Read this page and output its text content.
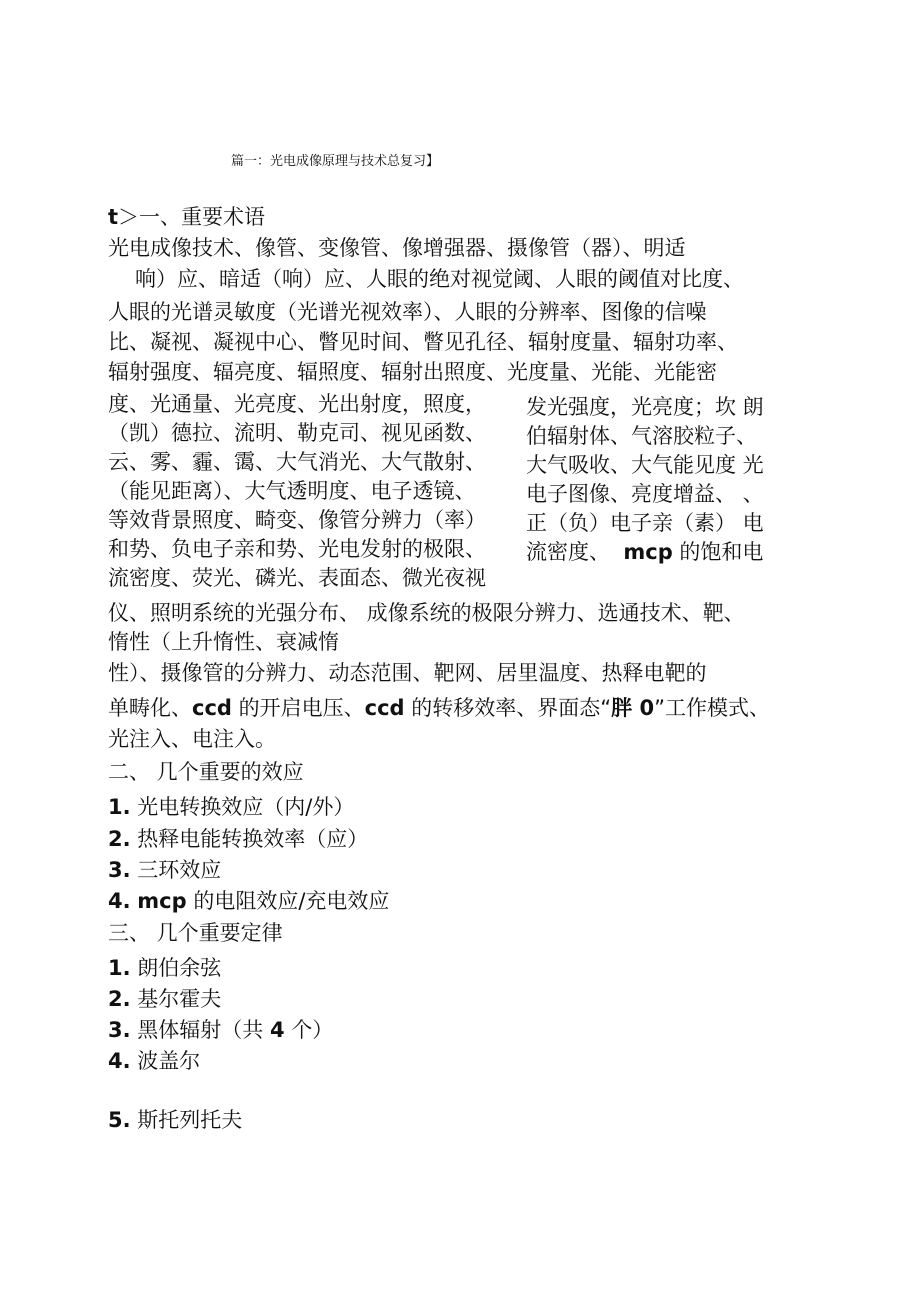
篇一：光电成像原理与技术总复习】
t＞一、重要术语
光电成像技术、像管、变像管、像增强器、摄像管（器）、明适
响）应、暗适（响）应、人眼的绝对视觉阈、人眼的阈值对比度、
人眼的光谱灵敏度（光谱光视效率）、人眼的分辨率、图像的信噪
比、凝视、凝视中心、瞥见时间、瞥见孔径、辐射度量、辐射功率、
辐射强度、辐亮度、辐照度、辐射出照度、光度量、光能、光能密
度、光通量、光亮度、光出射度，照度，
（凯）德拉、流明、勒克司、视见函数、
云、雾、霾、霭、大气消光、大气散射、
（能见距离）、大气透明度、电子透镜、
等效背景照度、畸变、像管分辨力（率）
和势、负电子亲和势、光电发射的极限、
流密度、荧光、磷光、表面态、微光夜视
发光强度，光亮度；坎 朗
伯辐射体、气溶胶粒子、
大气吸收、大气能见度 光
电子图像、亮度增益、 、
正（负）电子亲（素） 电
流密度、 mcp 的饱和电
仪、照明系统的光强分布、 成像系统的极限分辨力、选通技术、靶、
惰性（上升惰性、衰减惰
性）、摄像管的分辨力、动态范围、靶网、居里温度、热释电靶的
单畴化、ccd 的开启电压、ccd 的转移效率、界面态“胖 0”工作模式、
光注入、电注入。
二、 几个重要的效应
1. 光电转换效应（内/外）
2. 热释电能转换效率（应）
3. 三环效应
4. mcp 的电阻效应/充电效应
三、 几个重要定律
1. 朗伯余弦
2. 基尔霍夫
3. 黑体辐射（共 4 个）
4. 波盖尔
5. 斯托列托夫
